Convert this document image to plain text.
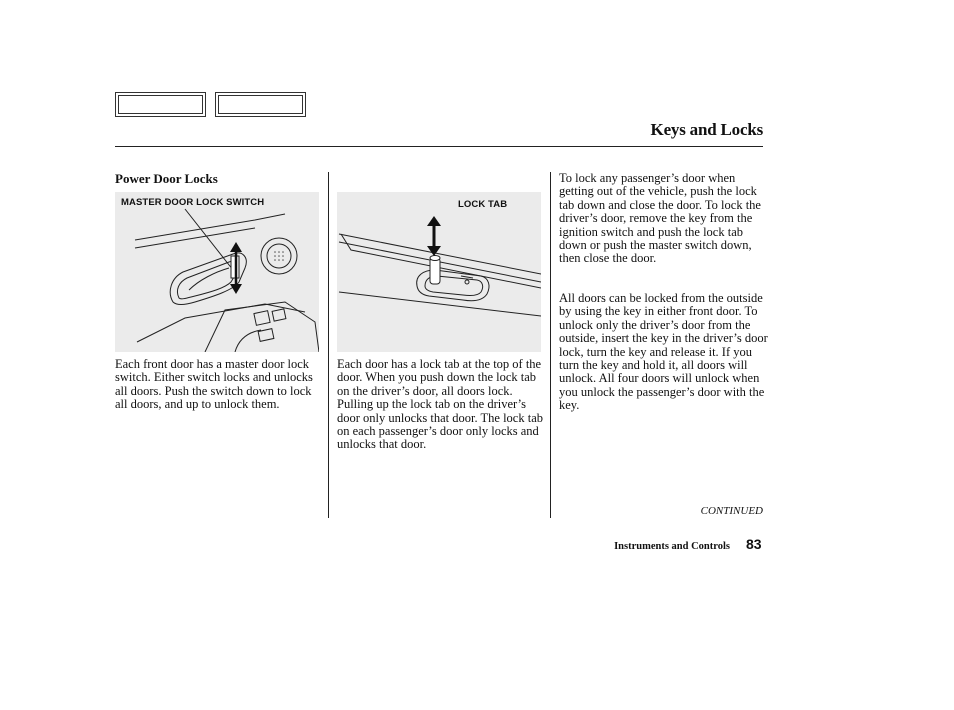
Keys and Locks
Power Door Locks
MASTER DOOR LOCK SWITCH	LOCK TAB

Each front door has a master door lock switch. Either switch locks and unlocks all doors. Push the switch down to lock all doors, and up to unlock them.

Each door has a lock tab at the top of the door. When you push down the lock tab on the driver’s door, all doors lock. Pulling up the lock tab on the driver’s door only unlocks that door. The lock tab on each passenger’s door only locks and unlocks that door.

To lock any passenger’s door when getting out of the vehicle, push the lock tab down and close the door. To lock the driver’s door, remove the key from the ignition switch and push the lock tab down or push the master switch down, then close the door.

All doors can be locked from the outside by using the key in either front door. To unlock only the driver’s door from the outside, insert the key in the driver’s door lock, turn the key and release it. If you turn the key and hold it, all doors will unlock. All four doors will unlock when you unlock the passenger’s door with the key.

CONTINUED
Instruments and Controls 83
